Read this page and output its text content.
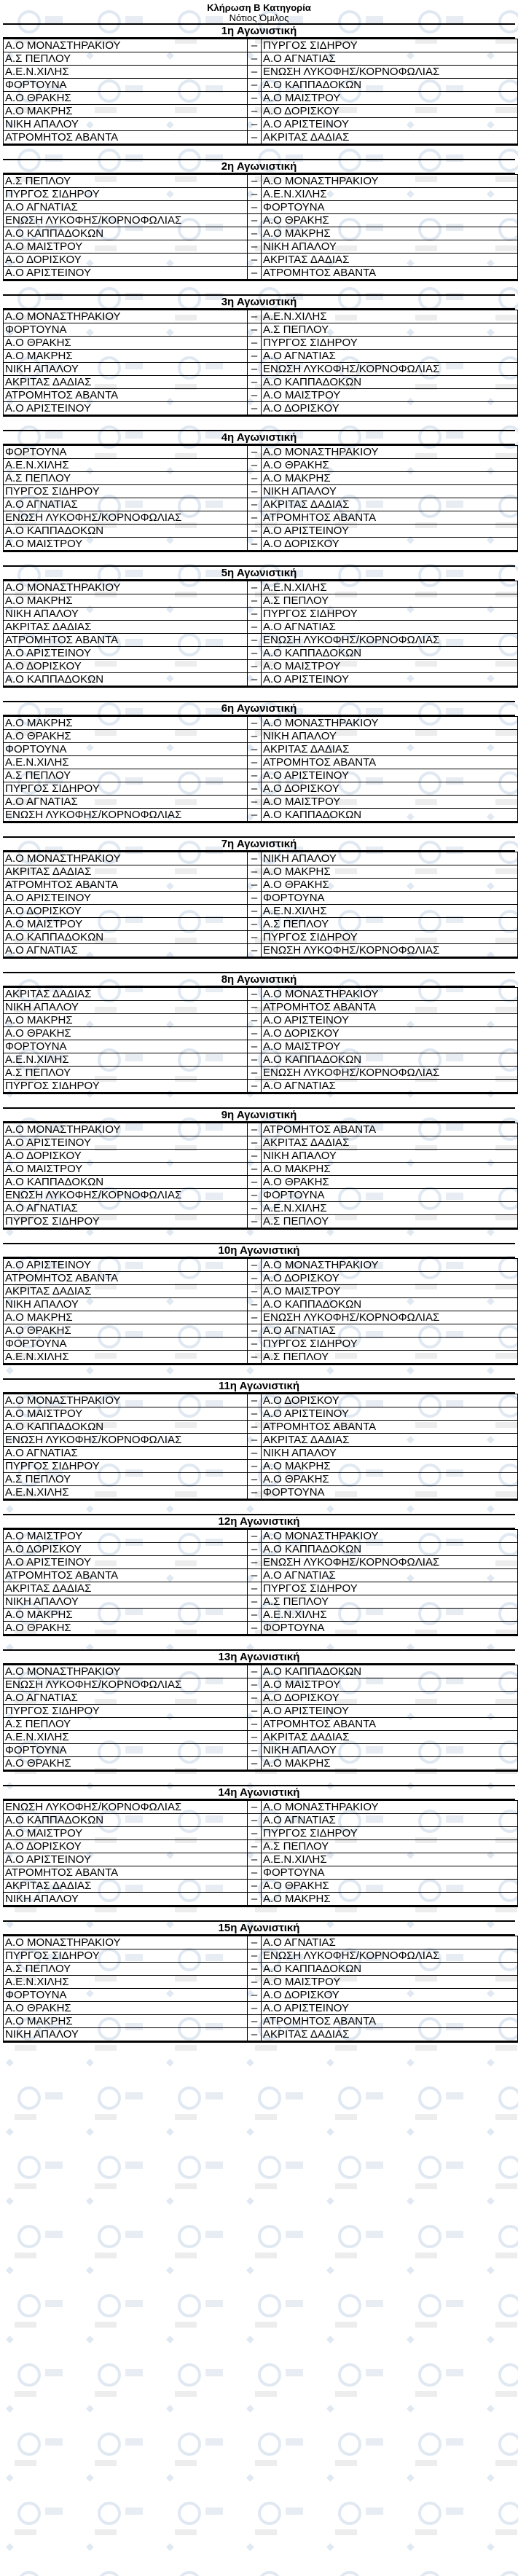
Κλήρωση Β Κατηγορία
Νότιος Όμιλος
1η Αγωνιστική
Α.Ο ΜΟΝΑΣΤΗΡΑΚΙΟΥ	–	ΠΥΡΓΟΣ ΣΙΔΗΡΟΥ
Α.Σ ΠΕΠΛΟΥ	–	Α.Ο ΑΓΝΑΤΙΑΣ
Α.Ε.Ν.ΧΙΛΗΣ	–	ΕΝΩΣΗ ΛΥΚΟΦΗΣ/ΚΟΡΝΟΦΩΛΙΑΣ
ΦΟΡΤΟΥΝΑ	–	Α.Ο ΚΑΠΠΑΔΟΚΩΝ
Α.Ο ΘΡΑΚΗΣ	–	Α.Ο ΜΑΙΣΤΡΟΥ
Α.Ο ΜΑΚΡΗΣ	–	Α.Ο ΔΟΡΙΣΚΟΥ
ΝΙΚΗ ΑΠΑΛΟΥ	–	Α.Ο ΑΡΙΣΤΕΙΝΟΥ
ΑΤΡΟΜΗΤΟΣ ΑΒΑΝΤΑ	–	ΑΚΡΙΤΑΣ ΔΑΔΙΑΣ
2η Αγωνιστική
Α.Σ ΠΕΠΛΟΥ	–	Α.Ο ΜΟΝΑΣΤΗΡΑΚΙΟΥ
ΠΥΡΓΟΣ ΣΙΔΗΡΟΥ	–	Α.Ε.Ν.ΧΙΛΗΣ
Α.Ο ΑΓΝΑΤΙΑΣ	–	ΦΟΡΤΟΥΝΑ
ΕΝΩΣΗ ΛΥΚΟΦΗΣ/ΚΟΡΝΟΦΩΛΙΑΣ	–	Α.Ο ΘΡΑΚΗΣ
Α.Ο ΚΑΠΠΑΔΟΚΩΝ	–	Α.Ο ΜΑΚΡΗΣ
Α.Ο ΜΑΙΣΤΡΟΥ	–	ΝΙΚΗ ΑΠΑΛΟΥ
Α.Ο ΔΟΡΙΣΚΟΥ	–	ΑΚΡΙΤΑΣ ΔΑΔΙΑΣ
Α.Ο ΑΡΙΣΤΕΙΝΟΥ	–	ΑΤΡΟΜΗΤΟΣ ΑΒΑΝΤΑ
3η Αγωνιστική
Α.Ο ΜΟΝΑΣΤΗΡΑΚΙΟΥ	–	Α.Ε.Ν.ΧΙΛΗΣ
ΦΟΡΤΟΥΝΑ	–	Α.Σ ΠΕΠΛΟΥ
Α.Ο ΘΡΑΚΗΣ	–	ΠΥΡΓΟΣ ΣΙΔΗΡΟΥ
Α.Ο ΜΑΚΡΗΣ	–	Α.Ο ΑΓΝΑΤΙΑΣ
ΝΙΚΗ ΑΠΑΛΟΥ	–	ΕΝΩΣΗ ΛΥΚΟΦΗΣ/ΚΟΡΝΟΦΩΛΙΑΣ
ΑΚΡΙΤΑΣ ΔΑΔΙΑΣ	–	Α.Ο ΚΑΠΠΑΔΟΚΩΝ
ΑΤΡΟΜΗΤΟΣ ΑΒΑΝΤΑ	–	Α.Ο ΜΑΙΣΤΡΟΥ
Α.Ο ΑΡΙΣΤΕΙΝΟΥ	–	Α.Ο ΔΟΡΙΣΚΟΥ
4η Αγωνιστική
ΦΟΡΤΟΥΝΑ	–	Α.Ο ΜΟΝΑΣΤΗΡΑΚΙΟΥ
Α.Ε.Ν.ΧΙΛΗΣ	–	Α.Ο ΘΡΑΚΗΣ
Α.Σ ΠΕΠΛΟΥ	–	Α.Ο ΜΑΚΡΗΣ
ΠΥΡΓΟΣ ΣΙΔΗΡΟΥ	–	ΝΙΚΗ ΑΠΑΛΟΥ
Α.Ο ΑΓΝΑΤΙΑΣ	–	ΑΚΡΙΤΑΣ ΔΑΔΙΑΣ
ΕΝΩΣΗ ΛΥΚΟΦΗΣ/ΚΟΡΝΟΦΩΛΙΑΣ	–	ΑΤΡΟΜΗΤΟΣ ΑΒΑΝΤΑ
Α.Ο ΚΑΠΠΑΔΟΚΩΝ	–	Α.Ο ΑΡΙΣΤΕΙΝΟΥ
Α.Ο ΜΑΙΣΤΡΟΥ	–	Α.Ο ΔΟΡΙΣΚΟΥ
5η Αγωνιστική
Α.Ο ΜΟΝΑΣΤΗΡΑΚΙΟΥ	–	Α.Ε.Ν.ΧΙΛΗΣ
Α.Ο ΜΑΚΡΗΣ	–	Α.Σ ΠΕΠΛΟΥ
ΝΙΚΗ ΑΠΑΛΟΥ	–	ΠΥΡΓΟΣ ΣΙΔΗΡΟΥ
ΑΚΡΙΤΑΣ ΔΑΔΙΑΣ	–	Α.Ο ΑΓΝΑΤΙΑΣ
ΑΤΡΟΜΗΤΟΣ ΑΒΑΝΤΑ	–	ΕΝΩΣΗ ΛΥΚΟΦΗΣ/ΚΟΡΝΟΦΩΛΙΑΣ
Α.Ο ΑΡΙΣΤΕΙΝΟΥ	–	Α.Ο ΚΑΠΠΑΔΟΚΩΝ
Α.Ο ΔΟΡΙΣΚΟΥ	–	Α.Ο ΜΑΙΣΤΡΟΥ
Α.Ο ΚΑΠΠΑΔΟΚΩΝ	–	Α.Ο ΑΡΙΣΤΕΙΝΟΥ
6η Αγωνιστική
Α.Ο ΜΑΚΡΗΣ	–	Α.Ο ΜΟΝΑΣΤΗΡΑΚΙΟΥ
Α.Ο ΘΡΑΚΗΣ	–	ΝΙΚΗ ΑΠΑΛΟΥ
ΦΟΡΤΟΥΝΑ	–	ΑΚΡΙΤΑΣ ΔΑΔΙΑΣ
Α.Ε.Ν.ΧΙΛΗΣ	–	ΑΤΡΟΜΗΤΟΣ ΑΒΑΝΤΑ
Α.Σ ΠΕΠΛΟΥ	–	Α.Ο ΑΡΙΣΤΕΙΝΟΥ
ΠΥΡΓΟΣ ΣΙΔΗΡΟΥ	–	Α.Ο ΔΟΡΙΣΚΟΥ
Α.Ο ΑΓΝΑΤΙΑΣ	–	Α.Ο ΜΑΙΣΤΡΟΥ
ΕΝΩΣΗ ΛΥΚΟΦΗΣ/ΚΟΡΝΟΦΩΛΙΑΣ	–	Α.Ο ΚΑΠΠΑΔΟΚΩΝ
7η Αγωνιστική
Α.Ο ΜΟΝΑΣΤΗΡΑΚΙΟΥ	–	ΝΙΚΗ ΑΠΑΛΟΥ
ΑΚΡΙΤΑΣ ΔΑΔΙΑΣ	–	Α.Ο ΜΑΚΡΗΣ
ΑΤΡΟΜΗΤΟΣ ΑΒΑΝΤΑ	–	Α.Ο ΘΡΑΚΗΣ
Α.Ο ΑΡΙΣΤΕΙΝΟΥ	–	ΦΟΡΤΟΥΝΑ
Α.Ο ΔΟΡΙΣΚΟΥ	–	Α.Ε.Ν.ΧΙΛΗΣ
Α.Ο ΜΑΙΣΤΡΟΥ	–	Α.Σ ΠΕΠΛΟΥ
Α.Ο ΚΑΠΠΑΔΟΚΩΝ	–	ΠΥΡΓΟΣ ΣΙΔΗΡΟΥ
Α.Ο ΑΓΝΑΤΙΑΣ	–	ΕΝΩΣΗ ΛΥΚΟΦΗΣ/ΚΟΡΝΟΦΩΛΙΑΣ
8η Αγωνιστική
ΑΚΡΙΤΑΣ ΔΑΔΙΑΣ	–	Α.Ο ΜΟΝΑΣΤΗΡΑΚΙΟΥ
ΝΙΚΗ ΑΠΑΛΟΥ	–	ΑΤΡΟΜΗΤΟΣ ΑΒΑΝΤΑ
Α.Ο ΜΑΚΡΗΣ	–	Α.Ο ΑΡΙΣΤΕΙΝΟΥ
Α.Ο ΘΡΑΚΗΣ	–	Α.Ο ΔΟΡΙΣΚΟΥ
ΦΟΡΤΟΥΝΑ	–	Α.Ο ΜΑΙΣΤΡΟΥ
Α.Ε.Ν.ΧΙΛΗΣ	–	Α.Ο ΚΑΠΠΑΔΟΚΩΝ
Α.Σ ΠΕΠΛΟΥ	–	ΕΝΩΣΗ ΛΥΚΟΦΗΣ/ΚΟΡΝΟΦΩΛΙΑΣ
ΠΥΡΓΟΣ ΣΙΔΗΡΟΥ	–	Α.Ο ΑΓΝΑΤΙΑΣ
9η Αγωνιστική
Α.Ο ΜΟΝΑΣΤΗΡΑΚΙΟΥ	–	ΑΤΡΟΜΗΤΟΣ ΑΒΑΝΤΑ
Α.Ο ΑΡΙΣΤΕΙΝΟΥ	–	ΑΚΡΙΤΑΣ ΔΑΔΙΑΣ
Α.Ο ΔΟΡΙΣΚΟΥ	–	ΝΙΚΗ ΑΠΑΛΟΥ
Α.Ο ΜΑΙΣΤΡΟΥ	–	Α.Ο ΜΑΚΡΗΣ
Α.Ο ΚΑΠΠΑΔΟΚΩΝ	–	Α.Ο ΘΡΑΚΗΣ
ΕΝΩΣΗ ΛΥΚΟΦΗΣ/ΚΟΡΝΟΦΩΛΙΑΣ	–	ΦΟΡΤΟΥΝΑ
Α.Ο ΑΓΝΑΤΙΑΣ	–	Α.Ε.Ν.ΧΙΛΗΣ
ΠΥΡΓΟΣ ΣΙΔΗΡΟΥ	–	Α.Σ ΠΕΠΛΟΥ
10η Αγωνιστική
Α.Ο ΑΡΙΣΤΕΙΝΟΥ	–	Α.Ο ΜΟΝΑΣΤΗΡΑΚΙΟΥ
ΑΤΡΟΜΗΤΟΣ ΑΒΑΝΤΑ	–	Α.Ο ΔΟΡΙΣΚΟΥ
ΑΚΡΙΤΑΣ ΔΑΔΙΑΣ	–	Α.Ο ΜΑΙΣΤΡΟΥ
ΝΙΚΗ ΑΠΑΛΟΥ	–	Α.Ο ΚΑΠΠΑΔΟΚΩΝ
Α.Ο ΜΑΚΡΗΣ	–	ΕΝΩΣΗ ΛΥΚΟΦΗΣ/ΚΟΡΝΟΦΩΛΙΑΣ
Α.Ο ΘΡΑΚΗΣ	–	Α.Ο ΑΓΝΑΤΙΑΣ
ΦΟΡΤΟΥΝΑ	–	ΠΥΡΓΟΣ ΣΙΔΗΡΟΥ
Α.Ε.Ν.ΧΙΛΗΣ	–	Α.Σ ΠΕΠΛΟΥ
11η Αγωνιστική
Α.Ο ΜΟΝΑΣΤΗΡΑΚΙΟΥ	–	Α.Ο ΔΟΡΙΣΚΟΥ
Α.Ο ΜΑΙΣΤΡΟΥ	–	Α.Ο ΑΡΙΣΤΕΙΝΟΥ
Α.Ο ΚΑΠΠΑΔΟΚΩΝ	–	ΑΤΡΟΜΗΤΟΣ ΑΒΑΝΤΑ
ΕΝΩΣΗ ΛΥΚΟΦΗΣ/ΚΟΡΝΟΦΩΛΙΑΣ	–	ΑΚΡΙΤΑΣ ΔΑΔΙΑΣ
Α.Ο ΑΓΝΑΤΙΑΣ	–	ΝΙΚΗ ΑΠΑΛΟΥ
ΠΥΡΓΟΣ ΣΙΔΗΡΟΥ	–	Α.Ο ΜΑΚΡΗΣ
Α.Σ ΠΕΠΛΟΥ	–	Α.Ο ΘΡΑΚΗΣ
Α.Ε.Ν.ΧΙΛΗΣ	–	ΦΟΡΤΟΥΝΑ
12η Αγωνιστική
Α.Ο ΜΑΙΣΤΡΟΥ	–	Α.Ο ΜΟΝΑΣΤΗΡΑΚΙΟΥ
Α.Ο ΔΟΡΙΣΚΟΥ	–	Α.Ο ΚΑΠΠΑΔΟΚΩΝ
Α.Ο ΑΡΙΣΤΕΙΝΟΥ	–	ΕΝΩΣΗ ΛΥΚΟΦΗΣ/ΚΟΡΝΟΦΩΛΙΑΣ
ΑΤΡΟΜΗΤΟΣ ΑΒΑΝΤΑ	–	Α.Ο ΑΓΝΑΤΙΑΣ
ΑΚΡΙΤΑΣ ΔΑΔΙΑΣ	–	ΠΥΡΓΟΣ ΣΙΔΗΡΟΥ
ΝΙΚΗ ΑΠΑΛΟΥ	–	Α.Σ ΠΕΠΛΟΥ
Α.Ο ΜΑΚΡΗΣ	–	Α.Ε.Ν.ΧΙΛΗΣ
Α.Ο ΘΡΑΚΗΣ	–	ΦΟΡΤΟΥΝΑ
13η Αγωνιστική
Α.Ο ΜΟΝΑΣΤΗΡΑΚΙΟΥ	–	Α.Ο ΚΑΠΠΑΔΟΚΩΝ
ΕΝΩΣΗ ΛΥΚΟΦΗΣ/ΚΟΡΝΟΦΩΛΙΑΣ	–	Α.Ο ΜΑΙΣΤΡΟΥ
Α.Ο ΑΓΝΑΤΙΑΣ	–	Α.Ο ΔΟΡΙΣΚΟΥ
ΠΥΡΓΟΣ ΣΙΔΗΡΟΥ	–	Α.Ο ΑΡΙΣΤΕΙΝΟΥ
Α.Σ ΠΕΠΛΟΥ	–	ΑΤΡΟΜΗΤΟΣ ΑΒΑΝΤΑ
Α.Ε.Ν.ΧΙΛΗΣ	–	ΑΚΡΙΤΑΣ ΔΑΔΙΑΣ
ΦΟΡΤΟΥΝΑ	–	ΝΙΚΗ ΑΠΑΛΟΥ
Α.Ο ΘΡΑΚΗΣ	–	Α.Ο ΜΑΚΡΗΣ
14η Αγωνιστική
ΕΝΩΣΗ ΛΥΚΟΦΗΣ/ΚΟΡΝΟΦΩΛΙΑΣ	–	Α.Ο ΜΟΝΑΣΤΗΡΑΚΙΟΥ
Α.Ο ΚΑΠΠΑΔΟΚΩΝ	–	Α.Ο ΑΓΝΑΤΙΑΣ
Α.Ο ΜΑΙΣΤΡΟΥ	–	ΠΥΡΓΟΣ ΣΙΔΗΡΟΥ
Α.Ο ΔΟΡΙΣΚΟΥ	–	Α.Σ ΠΕΠΛΟΥ
Α.Ο ΑΡΙΣΤΕΙΝΟΥ	–	Α.Ε.Ν.ΧΙΛΗΣ
ΑΤΡΟΜΗΤΟΣ ΑΒΑΝΤΑ	–	ΦΟΡΤΟΥΝΑ
ΑΚΡΙΤΑΣ ΔΑΔΙΑΣ	–	Α.Ο ΘΡΑΚΗΣ
ΝΙΚΗ ΑΠΑΛΟΥ	–	Α.Ο ΜΑΚΡΗΣ
15η Αγωνιστική
Α.Ο ΜΟΝΑΣΤΗΡΑΚΙΟΥ	–	Α.Ο ΑΓΝΑΤΙΑΣ
ΠΥΡΓΟΣ ΣΙΔΗΡΟΥ	–	ΕΝΩΣΗ ΛΥΚΟΦΗΣ/ΚΟΡΝΟΦΩΛΙΑΣ
Α.Σ ΠΕΠΛΟΥ	–	Α.Ο ΚΑΠΠΑΔΟΚΩΝ
Α.Ε.Ν.ΧΙΛΗΣ	–	Α.Ο ΜΑΙΣΤΡΟΥ
ΦΟΡΤΟΥΝΑ	–	Α.Ο ΔΟΡΙΣΚΟΥ
Α.Ο ΘΡΑΚΗΣ	–	Α.Ο ΑΡΙΣΤΕΙΝΟΥ
Α.Ο ΜΑΚΡΗΣ	–	ΑΤΡΟΜΗΤΟΣ ΑΒΑΝΤΑ
ΝΙΚΗ ΑΠΑΛΟΥ	–	ΑΚΡΙΤΑΣ ΔΑΔΙΑΣ
